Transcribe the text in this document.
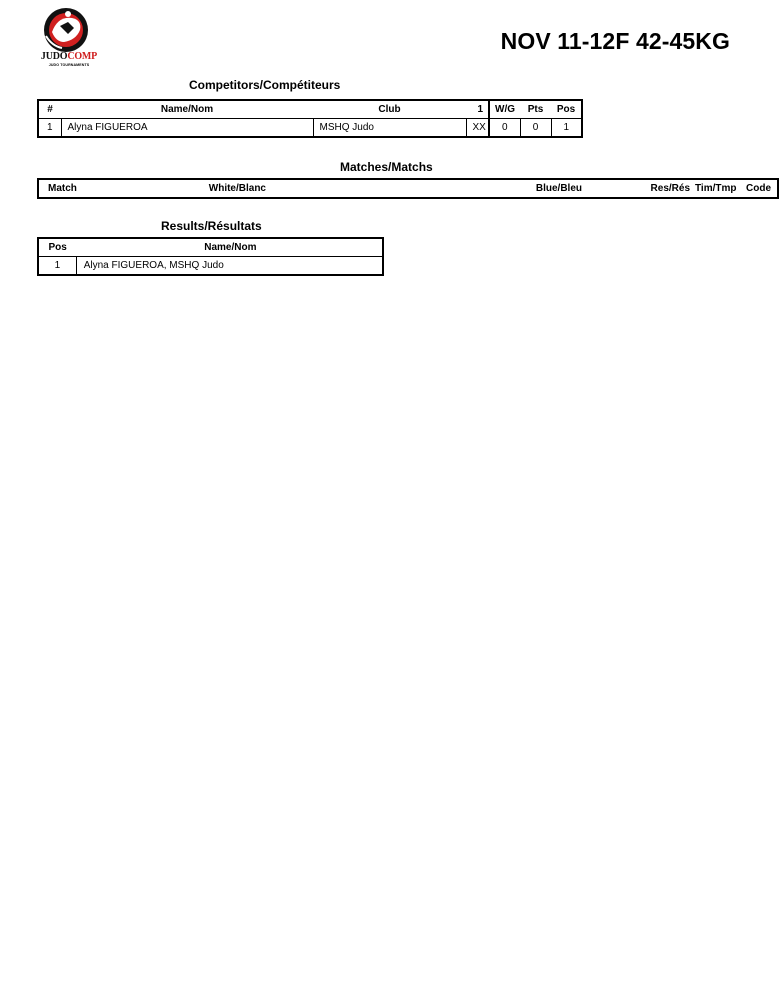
JUDOCOMP
JUDO TOURNAMENTS
NOV 11-12F 42-45KG
Competitors/Compétiteurs
#	Name/Nom	Club	1	W/G	Pts	Pos
1	Alyna FIGUEROA	MSHQ Judo	XX	0	0	1
Matches/Matchs
Match	White/Blanc	Blue/Bleu	Res/Rés	Tim/Tmp	Code
Results/Résultats
Pos	Name/Nom
1	Alyna FIGUEROA, MSHQ Judo
